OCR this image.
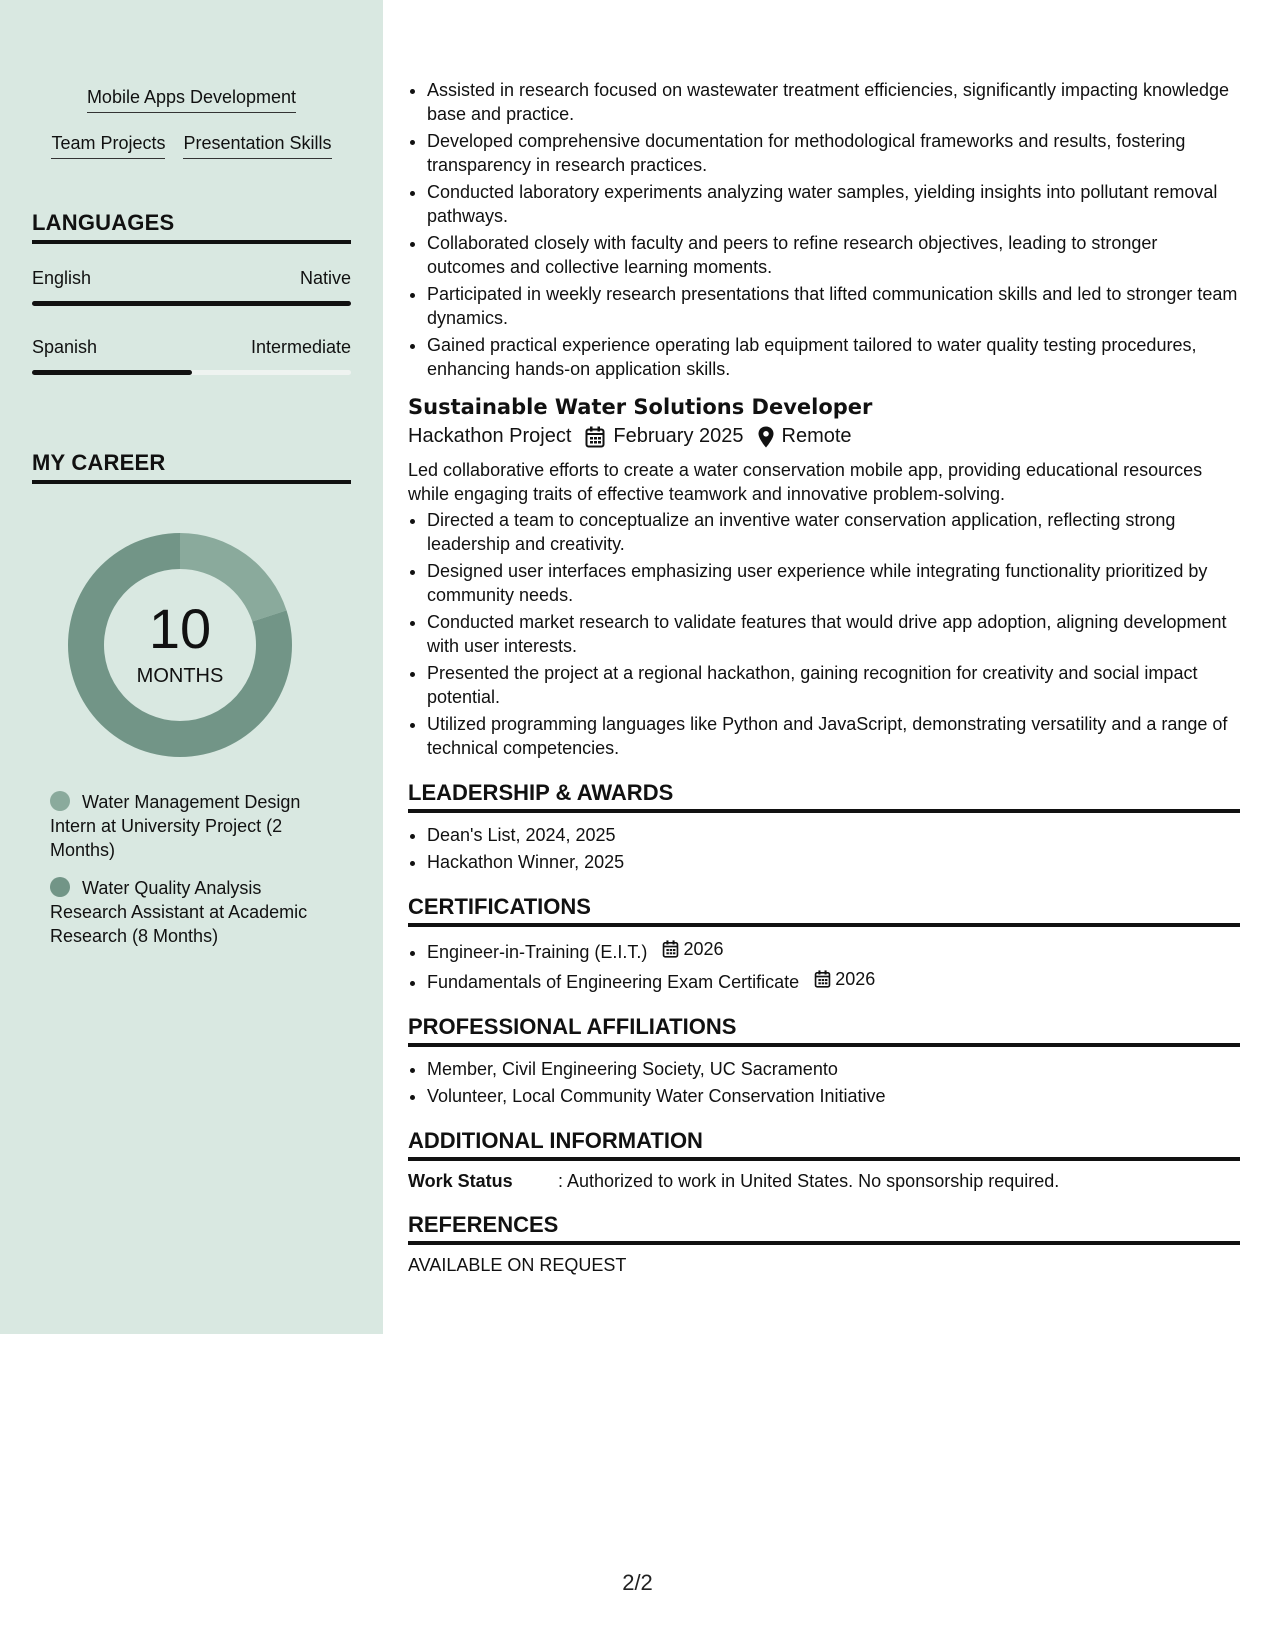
Mobile Apps Development
Team Projects Presentation Skills
LANGUAGES
English	Native
Spanish	Intermediate
MY CAREER
10
MONTHS
Water Management Design Intern at University Project (2 Months)
Water Quality Analysis Research Assistant at Academic Research (8 Months)
• Assisted in research focused on wastewater treatment efficiencies, significantly impacting knowledge base and practice.
• Developed comprehensive documentation for methodological frameworks and results, fostering transparency in research practices.
• Conducted laboratory experiments analyzing water samples, yielding insights into pollutant removal pathways.
• Collaborated closely with faculty and peers to refine research objectives, leading to stronger outcomes and collective learning moments.
• Participated in weekly research presentations that lifted communication skills and led to stronger team dynamics.
• Gained practical experience operating lab equipment tailored to water quality testing procedures, enhancing hands-on application skills.
Sustainable Water Solutions Developer
Hackathon Project February 2025 Remote
Led collaborative efforts to create a water conservation mobile app, providing educational resources while engaging traits of effective teamwork and innovative problem-solving.
• Directed a team to conceptualize an inventive water conservation application, reflecting strong leadership and creativity.
• Designed user interfaces emphasizing user experience while integrating functionality prioritized by community needs.
• Conducted market research to validate features that would drive app adoption, aligning development with user interests.
• Presented the project at a regional hackathon, gaining recognition for creativity and social impact potential.
• Utilized programming languages like Python and JavaScript, demonstrating versatility and a range of technical competencies.
LEADERSHIP & AWARDS
• Dean's List, 2024, 2025
• Hackathon Winner, 2025
CERTIFICATIONS
• Engineer-in-Training (E.I.T.) 2026
• Fundamentals of Engineering Exam Certificate 2026
PROFESSIONAL AFFILIATIONS
• Member, Civil Engineering Society, UC Sacramento
• Volunteer, Local Community Water Conservation Initiative
ADDITIONAL INFORMATION
Work Status	: Authorized to work in United States. No sponsorship required.
REFERENCES
AVAILABLE ON REQUEST
2/2
